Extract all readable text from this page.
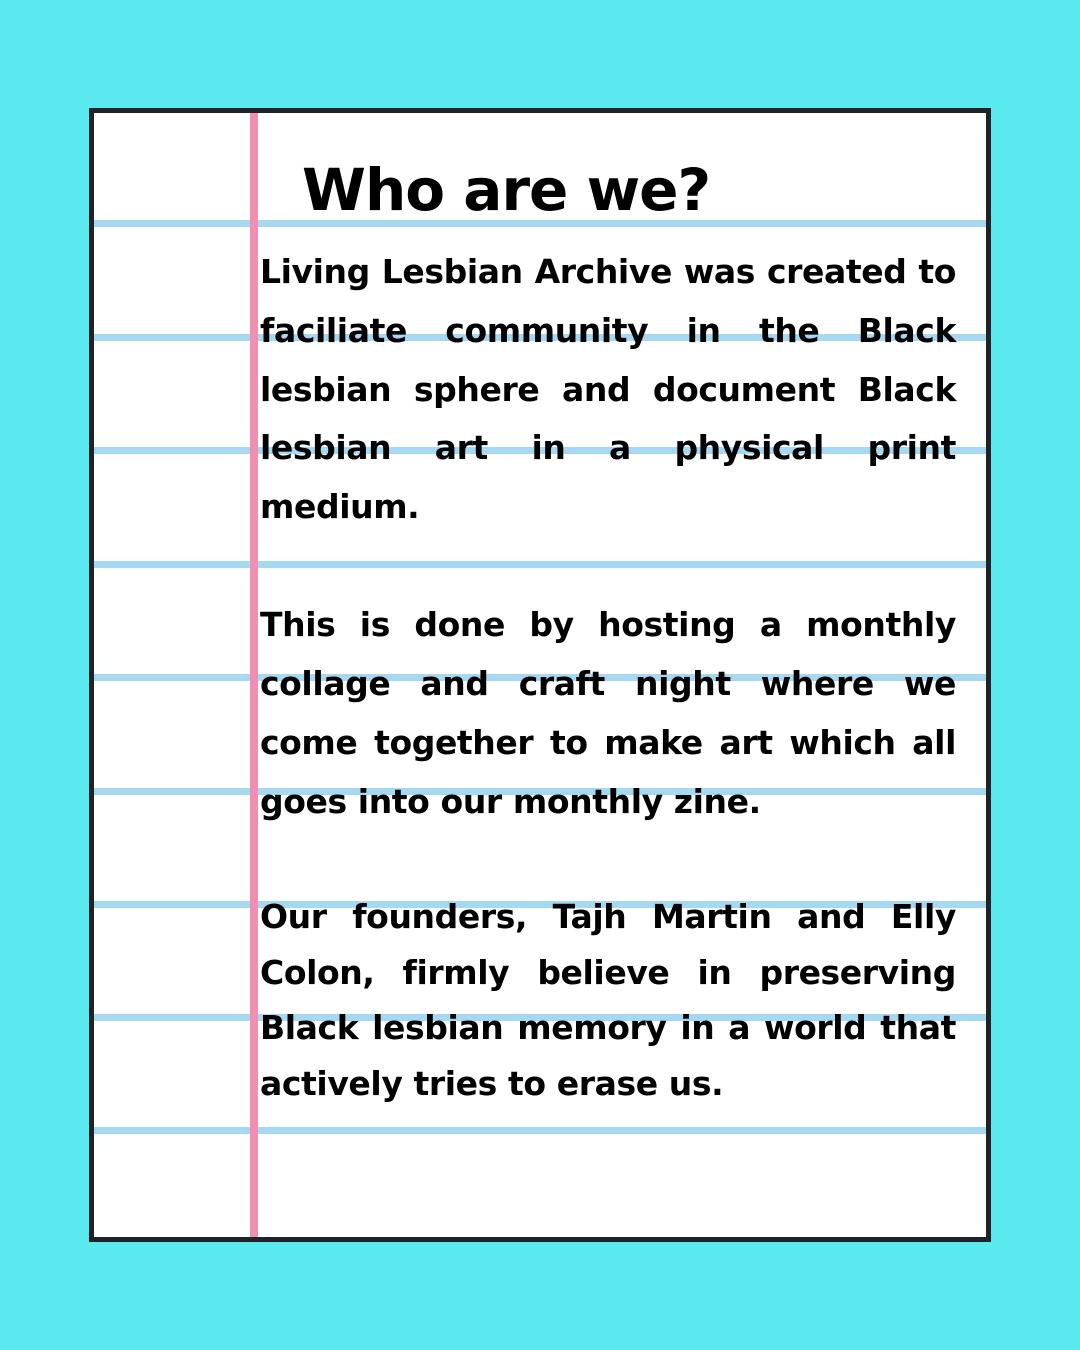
Who are we?

Living Lesbian Archive was created to faciliate community in the Black lesbian sphere and document Black lesbian art in a physical print medium.

This is done by hosting a monthly collage and craft night where we come together to make art which all goes into our monthly zine.

Our founders, Tajh Martin and Elly Colon, firmly believe in preserving Black lesbian memory in a world that actively tries to erase us.
